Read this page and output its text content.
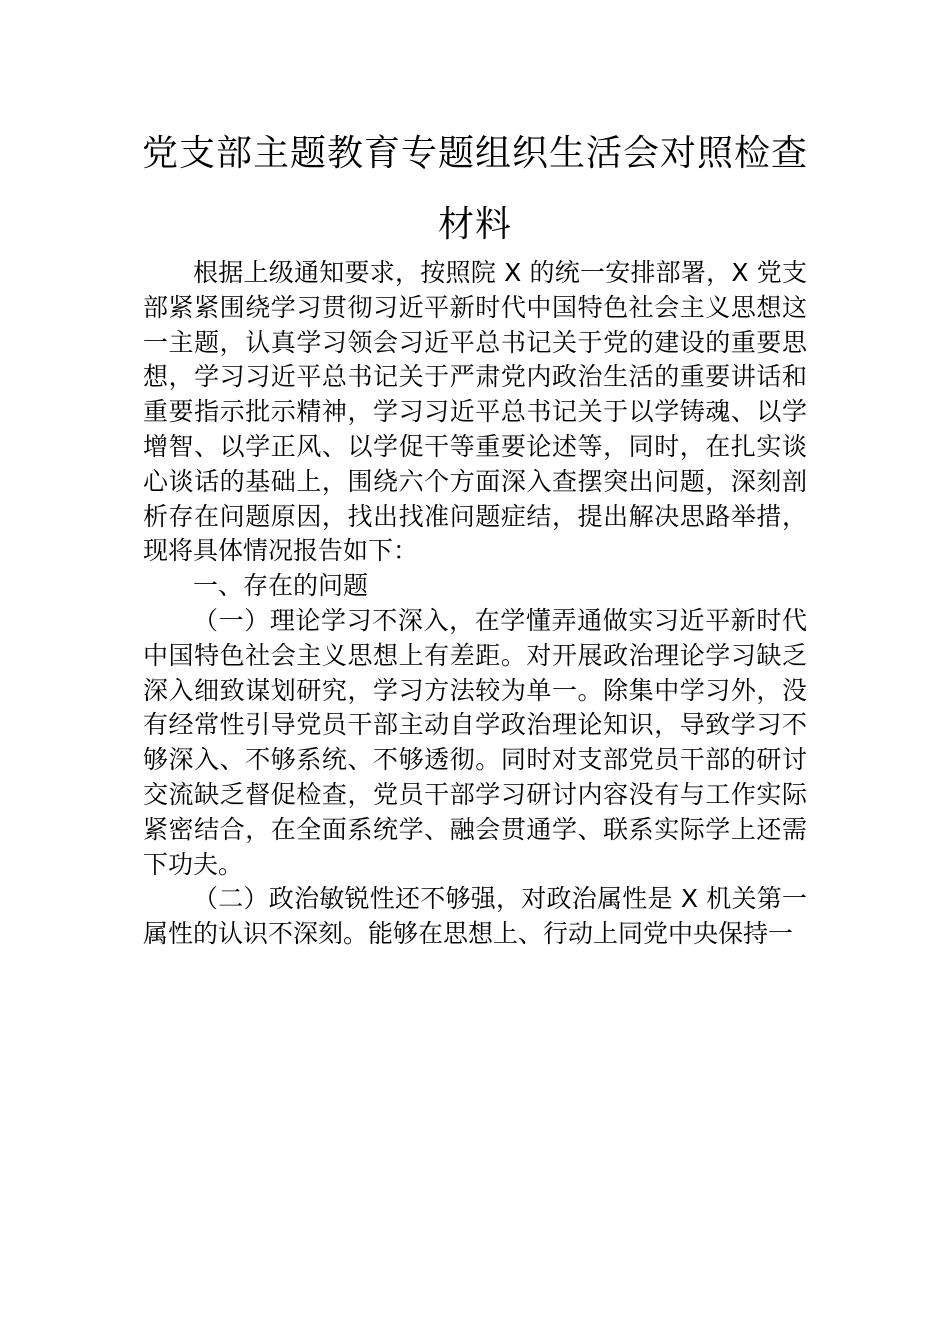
党支部主题教育专题组织生活会对照检查
材料

根据上级通知要求，按照院 X 的统一安排部署，X 党支部紧紧围绕学习贯彻习近平新时代中国特色社会主义思想这一主题，认真学习领会习近平总书记关于党的建设的重要思想，学习习近平总书记关于严肃党内政治生活的重要讲话和重要指示批示精神，学习习近平总书记关于以学铸魂、以学增智、以学正风、以学促干等重要论述等，同时，在扎实谈心谈话的基础上，围绕六个方面深入查摆突出问题，深刻剖析存在问题原因，找出找准问题症结，提出解决思路举措，现将具体情况报告如下：

一、存在的问题

（一）理论学习不深入，在学懂弄通做实习近平新时代中国特色社会主义思想上有差距。对开展政治理论学习缺乏深入细致谋划研究，学习方法较为单一。除集中学习外，没有经常性引导党员干部主动自学政治理论知识，导致学习不够深入、不够系统、不够透彻。同时对支部党员干部的研讨交流缺乏督促检查，党员干部学习研讨内容没有与工作实际紧密结合，在全面系统学、融会贯通学、联系实际学上还需下功夫。

（二）政治敏锐性还不够强，对政治属性是 X 机关第一属性的认识不深刻。能够在思想上、行动上同党中央保持一
